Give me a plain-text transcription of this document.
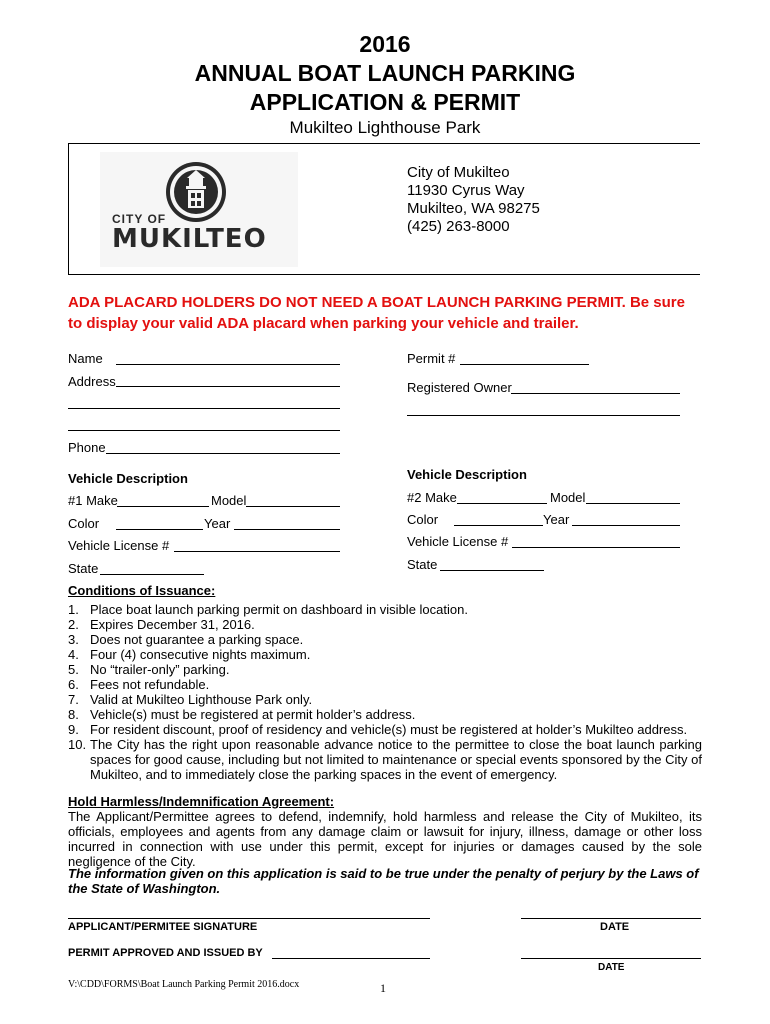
2016
ANNUAL BOAT LAUNCH PARKING
APPLICATION & PERMIT
Mukilteo Lighthouse Park
CITY OF
MUKILTEO
City of Mukilteo
11930 Cyrus Way
Mukilteo, WA 98275
(425) 263-8000
ADA PLACARD HOLDERS DO NOT NEED A BOAT LAUNCH PARKING PERMIT. Be sure
to display your valid ADA placard when parking your vehicle and trailer.
Name
Address
Phone
Vehicle Description
#1 Make	Model
Color	Year
Vehicle License #
State
Permit #
Registered Owner
Vehicle Description
#2 Make	Model
Color	Year
Vehicle License #
State
Conditions of Issuance:
1. Place boat launch parking permit on dashboard in visible location.
2. Expires December 31, 2016.
3. Does not guarantee a parking space.
4. Four (4) consecutive nights maximum.
5. No “trailer-only” parking.
6. Fees not refundable.
7. Valid at Mukilteo Lighthouse Park only.
8. Vehicle(s) must be registered at permit holder’s address.
9. For resident discount, proof of residency and vehicle(s) must be registered at holder’s Mukilteo address.
10. The City has the right upon reasonable advance notice to the permittee to close the boat launch parking spaces for good cause, including but not limited to maintenance or special events sponsored by the City of Mukilteo, and to immediately close the parking spaces in the event of emergency.
Hold Harmless/Indemnification Agreement:
The Applicant/Permittee agrees to defend, indemnify, hold harmless and release the City of Mukilteo, its officials, employees and agents from any damage claim or lawsuit for injury, illness, damage or other loss incurred in connection with use under this permit, except for injuries or damages caused by the sole negligence of the City.
The information given on this application is said to be true under the penalty of perjury by the Laws of the State of Washington.
APPLICANT/PERMITEE SIGNATURE	DATE
PERMIT APPROVED AND ISSUED BY
DATE
V:\CDD\FORMS\Boat Launch Parking Permit 2016.docx	1
